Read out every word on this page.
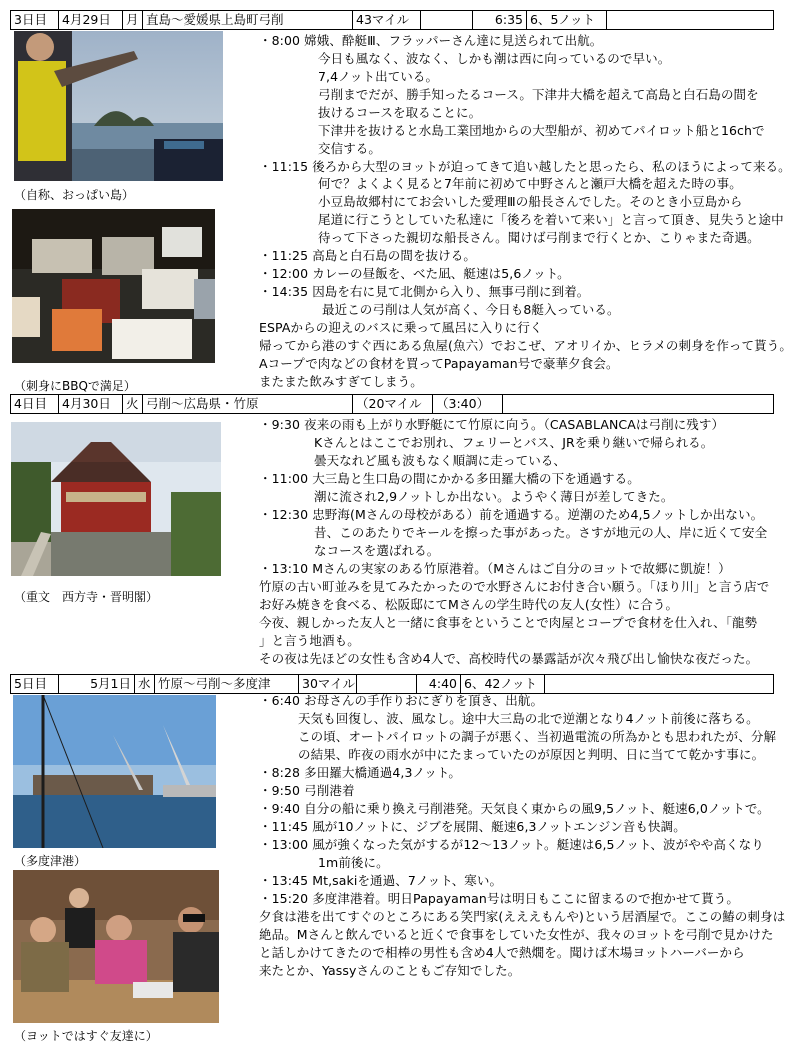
3日目	4月29日	月 直島〜愛媛県上島町弓削	43マイル	6:35 6、5ノット
（自称、おっぱい島）
（刺身にBBQで満足）
・8:00 嫦娥、酔艇Ⅲ、フラッパーさん達に見送られて出航。
今日も風なく、波なく、しかも潮は西に向っているので早い。
7,4ノット出ている。
弓削までだが、勝手知ったるコース。下津井大橋を超えて高島と白石島の間を
抜けるコースを取ることに。
下津井を抜けると水島工業団地からの大型船が、初めてパイロット船と16chで
交信する。
・11:15 後ろから大型のヨットが迫ってきて追い越したと思ったら、私のほうによって来る。
何で？よくよく見ると7年前に初めて中野さんと瀬戸大橋を超えた時の事。
小豆島故郷村にてお会いした愛理Ⅲの船長さんでした。そのとき小豆島から
尾道に行こうとしていた私達に「後ろを着いて来い」と言って頂き、見失うと途中
待って下さった親切な船長さん。聞けば弓削まで行くとか、こりゃまた奇遇。
・11:25 高島と白石島の間を抜ける。
・12:00 カレーの昼飯を、べた凪、艇速は5,6ノット。
・14:35 因島を右に見て北側から入り、無事弓削に到着。
最近この弓削は人気が高く、今日も8艇入っている。
ESPAからの迎えのバスに乗って風呂に入りに行く
帰ってから港のすぐ西にある魚屋(魚六）でおこぜ、アオリイか、ヒラメの刺身を作って貰う。
Aコープで肉などの食材を買ってPapayaman号で豪華夕食会。
またまた飲みすぎてしまう。
4日目	4月30日	火 弓削〜広島県・竹原	（20マイル	（3:40）
（重文　西方寺・晋明閣）
・9:30 夜来の雨も上がり水野艇にて竹原に向う。（CASABLANCAは弓削に残す）
Kさんとはここでお別れ、フェリーとバス、JRを乗り継いで帰られる。
曇天なれど風も波もなく順調に走っている、
・11:00 大三島と生口島の間にかかる多田羅大橋の下を通過する。
潮に流され2,9ノットしか出ない。ようやく薄日が差してきた。
・12:30 忠野海(Mさんの母校がある）前を通過する。逆潮のため4,5ノットしか出ない。
昔、このあたりでキールを擦った事があった。さすが地元の人、岸に近くて安全
なコースを選ばれる。
・13:10 Mさんの実家のある竹原港着。（Mさんはご自分のヨットで故郷に凱旋！）
竹原の古い町並みを見てみたかったので水野さんにお付き合い願う。「ほり川」と言う店で
お好み焼きを食べる、松阪邸にてMさんの学生時代の友人(女性）に合う。
今夜、親しかった友人と一緒に食事をということで肉屋とコープで食材を仕入れ、「龍勢
」と言う地酒も。
その夜は先ほどの女性も含め4人で、高校時代の暴露話が次々飛び出し愉快な夜だった。
5日目	5月1日 水 竹原〜弓削〜多度津	30マイル	4:40 6、42ノット
（多度津港）
（ヨットではすぐ友達に）
・6:40 お母さんの手作りおにぎりを頂き、出航。
天気も回復し、波、風なし。途中大三島の北で逆潮となり4ノット前後に落ちる。
この頃、オートパイロットの調子が悪く、当初過電流の所為かとも思われたが、分解
の結果、昨夜の雨水が中にたまっていたのが原因と判明、日に当てて乾かす事に。
・8:28 多田羅大橋通過4,3ノット。
・9:50 弓削港着
・9:40 自分の船に乗り換え弓削港発。天気良く東からの風9,5ノット、艇速6,0ノットで。
・11:45 風が10ノットに、ジブを展開、艇速6,3ノットエンジン音も快調。
・13:00 風が強くなった気がするが12〜13ノット。艇速は6,5ノット、波がやや高くなり
1m前後に。
・13:45 Mt,sakiを通過、7ノット、寒い。
・15:20 多度津港着。明日Papayaman号は明日もここに留まるので抱かせて貰う。
夕食は港を出てすぐのところにある笑門家(えええもんや)という居酒屋で。ここの鰆の刺身は
絶品。Mさんと飲んでいると近くで食事をしていた女性が、我々のヨットを弓削で見かけた
と話しかけてきたので相棒の男性も含め4人で熱燗を。聞けば木場ヨットハーバーから
来たとか、Yassyさんのこともご存知でした。
